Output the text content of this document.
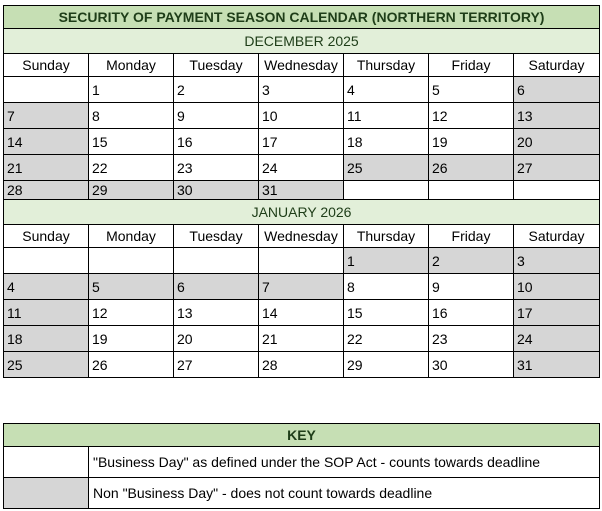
SECURITY OF PAYMENT SEASON CALENDAR (NORTHERN TERRITORY)						
DECEMBER 2025						
Sunday	Monday	Tuesday	Wednesday	Thursday	Friday	Saturday
	1	2	3	4	5	6
7	8	9	10	11	12	13
14	15	16	17	18	19	20
21	22	23	24	25	26	27
28	29	30	31			
JANUARY 2026						
Sunday	Monday	Tuesday	Wednesday	Thursday	Friday	Saturday
				1	2	3
4	5	6	7	8	9	10
11	12	13	14	15	16	17
18	19	20	21	22	23	24
25	26	27	28	29	30	31
KEY	
	"Business Day" as defined under the SOP Act - counts towards deadline
	Non "Business Day" - does not count towards deadline
